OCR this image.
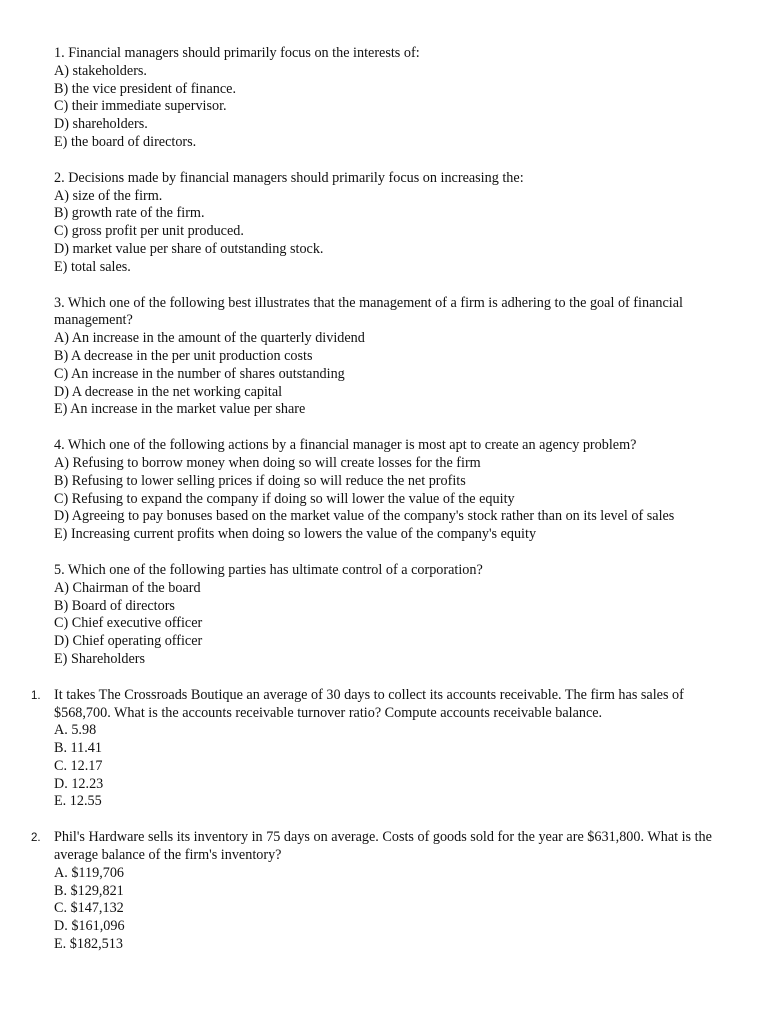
1. Financial managers should primarily focus on the interests of:
A) stakeholders.
B) the vice president of finance.
C) their immediate supervisor.
D) shareholders.
E) the board of directors.
2. Decisions made by financial managers should primarily focus on increasing the:
A) size of the firm.
B) growth rate of the firm.
C) gross profit per unit produced.
D) market value per share of outstanding stock.
E) total sales.
3. Which one of the following best illustrates that the management of a firm is adhering to the goal of financial management?
A) An increase in the amount of the quarterly dividend
B) A decrease in the per unit production costs
C) An increase in the number of shares outstanding
D) A decrease in the net working capital
E) An increase in the market value per share
4. Which one of the following actions by a financial manager is most apt to create an agency problem?
A) Refusing to borrow money when doing so will create losses for the firm
B) Refusing to lower selling prices if doing so will reduce the net profits
C) Refusing to expand the company if doing so will lower the value of the equity
D) Agreeing to pay bonuses based on the market value of the company's stock rather than on its level of sales
E) Increasing current profits when doing so lowers the value of the company's equity
5. Which one of the following parties has ultimate control of a corporation?
A) Chairman of the board
B) Board of directors
C) Chief executive officer
D) Chief operating officer
E) Shareholders
1. It takes The Crossroads Boutique an average of 30 days to collect its accounts receivable. The firm has sales of $568,700. What is the accounts receivable turnover ratio? Compute accounts receivable balance.
A. 5.98
B. 11.41
C. 12.17
D. 12.23
E. 12.55
2. Phil's Hardware sells its inventory in 75 days on average. Costs of goods sold for the year are $631,800. What is the average balance of the firm's inventory?
A. $119,706
B. $129,821
C. $147,132
D. $161,096
E. $182,513
